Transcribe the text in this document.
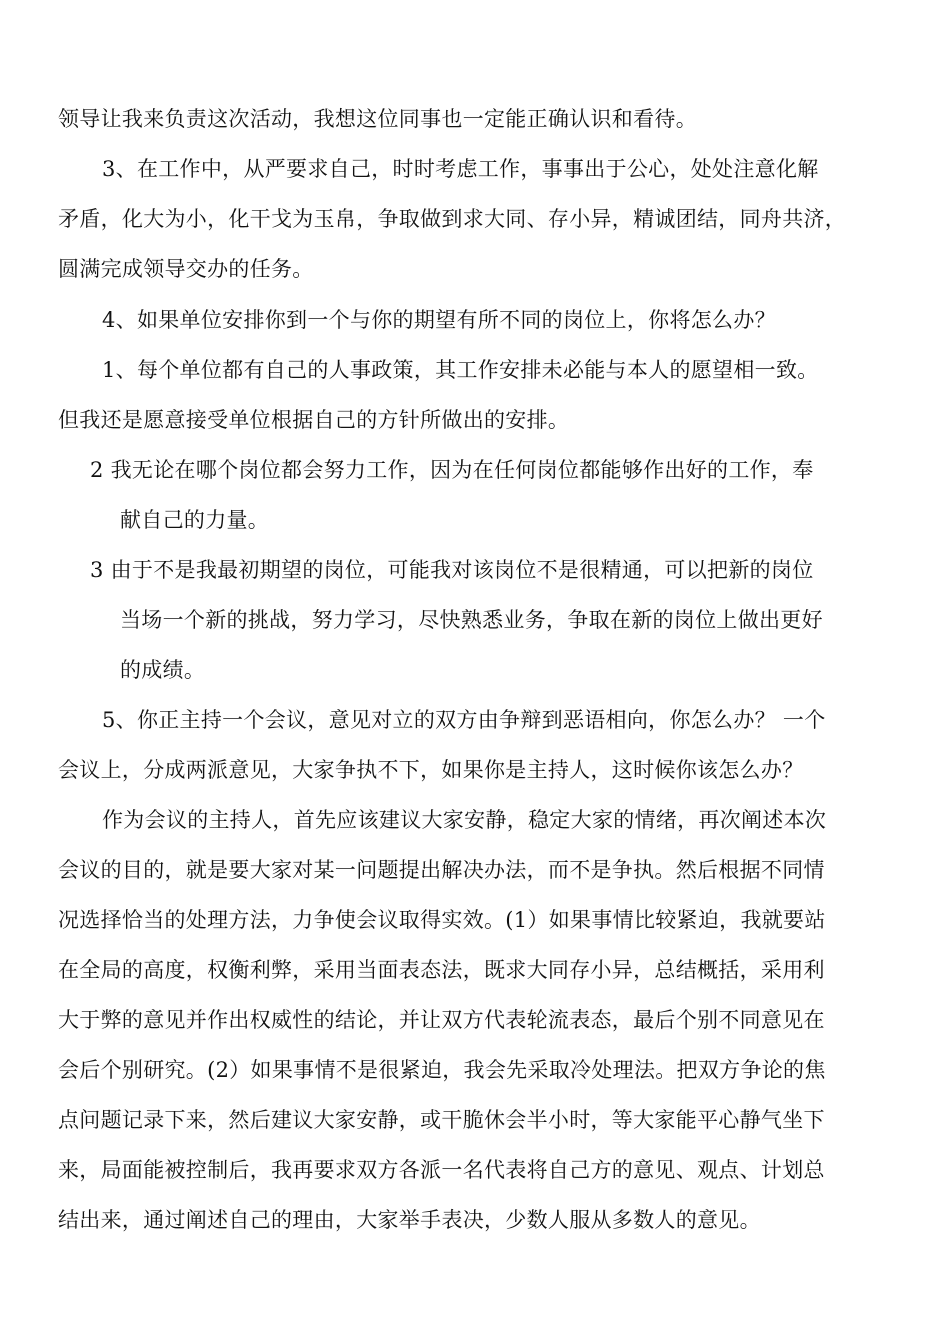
领导让我来负责这次活动，我想这位同事也一定能正确认识和看待。
3、在工作中，从严要求自己，时时考虑工作，事事出于公心，处处注意化解
矛盾，化大为小，化干戈为玉帛，争取做到求大同、存小异，精诚团结，同舟共济，
圆满完成领导交办的任务。
4、如果单位安排你到一个与你的期望有所不同的岗位上，你将怎么办？
1、每个单位都有自己的人事政策，其工作安排未必能与本人的愿望相一致。
但我还是愿意接受单位根据自己的方针所做出的安排。
2 我无论在哪个岗位都会努力工作，因为在任何岗位都能够作出好的工作，奉
献自己的力量。
3 由于不是我最初期望的岗位，可能我对该岗位不是很精通，可以把新的岗位
当场一个新的挑战，努力学习，尽快熟悉业务，争取在新的岗位上做出更好
的成绩。
5、你正主持一个会议，意见对立的双方由争辩到恶语相向，你怎么办？ 一个
会议上，分成两派意见，大家争执不下，如果你是主持人，这时候你该怎么办？
作为会议的主持人，首先应该建议大家安静，稳定大家的情绪，再次阐述本次
会议的目的，就是要大家对某一问题提出解决办法，而不是争执。然后根据不同情
况选择恰当的处理方法，力争使会议取得实效。(1）如果事情比较紧迫，我就要站
在全局的高度，权衡利弊，采用当面表态法，既求大同存小异，总结概括，采用利
大于弊的意见并作出权威性的结论，并让双方代表轮流表态，最后个别不同意见在
会后个别研究。(2）如果事情不是很紧迫，我会先采取冷处理法。把双方争论的焦
点问题记录下来，然后建议大家安静，或干脆休会半小时，等大家能平心静气坐下
来，局面能被控制后，我再要求双方各派一名代表将自己方的意见、观点、计划总
结出来，通过阐述自己的理由，大家举手表决，少数人服从多数人的意见。
